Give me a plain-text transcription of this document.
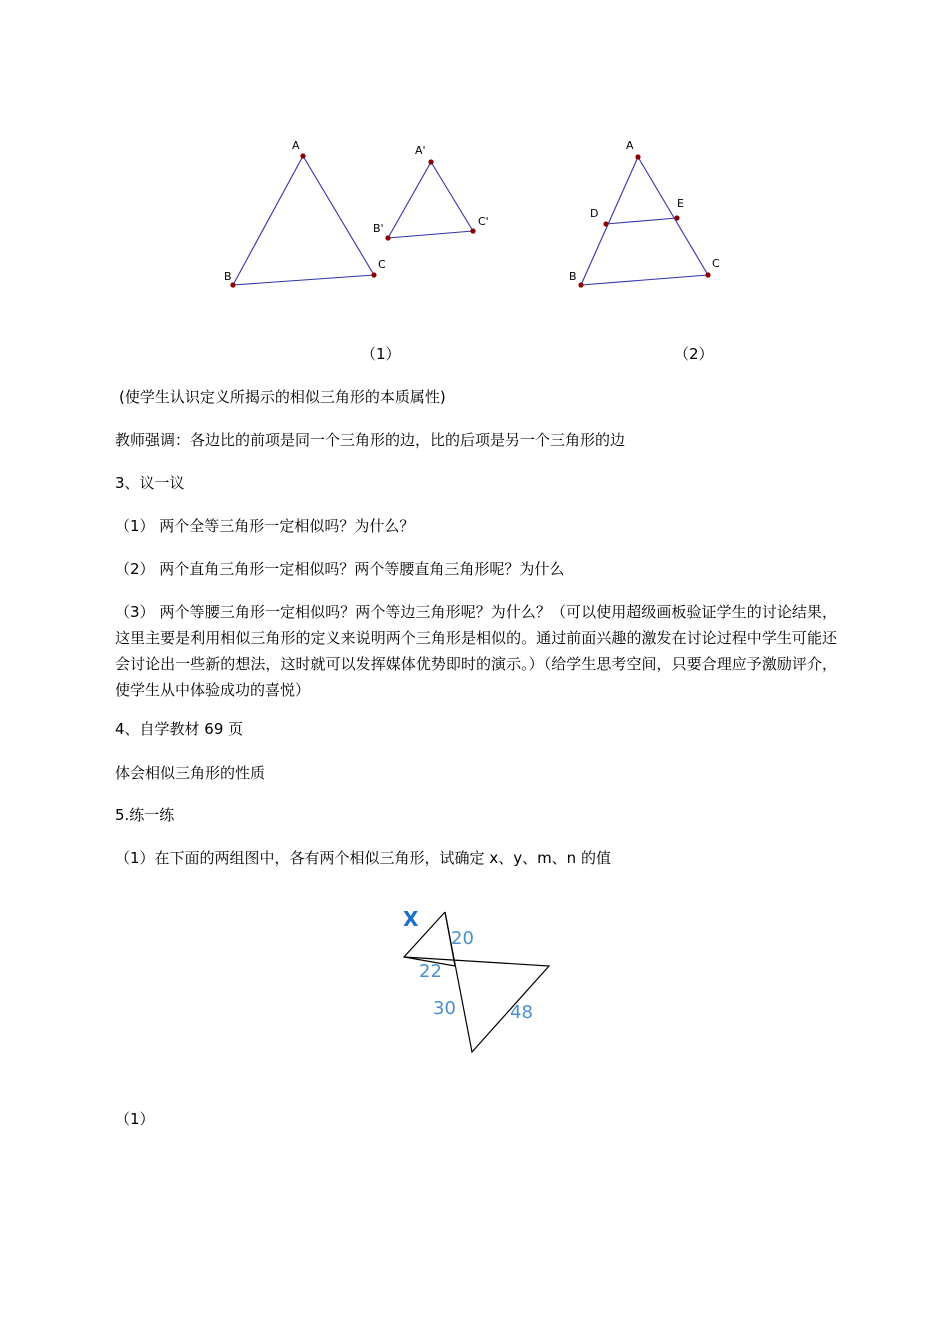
A
B
C
A'
B'
C'
A
B
C
D
E
（1）	（2）
(使学生认识定义所揭示的相似三角形的本质属性)
教师强调：各边比的前项是同一个三角形的边，比的后项是另一个三角形的边
3、议一议
（1） 两个全等三角形一定相似吗？为什么？
（2） 两个直角三角形一定相似吗？两个等腰直角三角形呢？为什么
（3） 两个等腰三角形一定相似吗？两个等边三角形呢？为什么？（可以使用超级画板验证学生的讨论结果，这里主要是利用相似三角形的定义来说明两个三角形是相似的。通过前面兴趣的激发在讨论过程中学生可能还会讨论出一些新的想法，这时就可以发挥媒体优势即时的演示。）（给学生思考空间，只要合理应予激励评介，使学生从中体验成功的喜悦）
4、自学教材 69 页
体会相似三角形的性质
5.练一练
（1）在下面的两组图中，各有两个相似三角形，试确定 x、y、m、n 的值
X
20
22
30	48
（1）
